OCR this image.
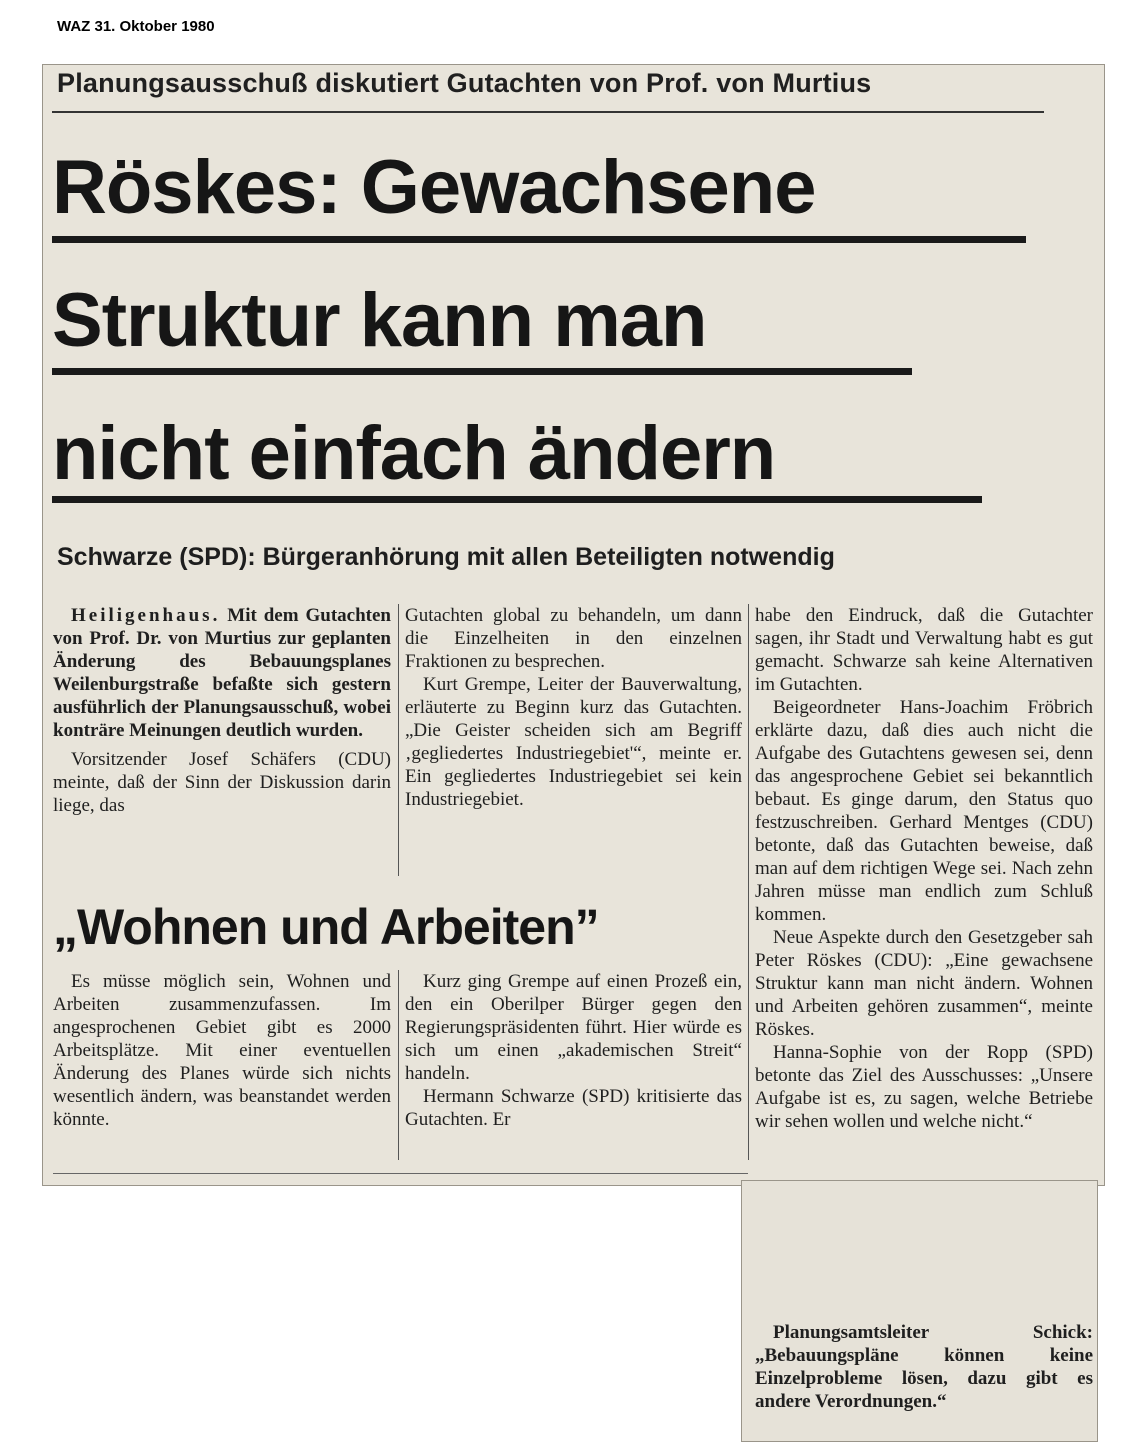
WAZ 31. Oktober 1980
Planungsausschuß diskutiert Gutachten von Prof. von Murtius
Röskes: Gewachsene
Struktur kann man
nicht einfach ändern
Schwarze (SPD): Bürgeranhörung mit allen Beteiligten notwendig

Heiligenhaus. Mit dem Gutachten von Prof. Dr. von Murtius zur geplanten Änderung des Bebauungsplanes Weilenburgstraße befaßte sich gestern ausführlich der Planungsausschuß, wobei konträre Meinungen deutlich wurden.

Vorsitzender Josef Schäfers (CDU) meinte, daß der Sinn der Diskussion darin liege, das

Gutachten global zu behandeln, um dann die Einzelheiten in den einzelnen Fraktionen zu besprechen.

Kurt Grempe, Leiter der Bauverwaltung, erläuterte zu Beginn kurz das Gutachten. „Die Geister scheiden sich am Begriff ‚gegliedertes Industriegebiet'“, meinte er. Ein gegliedertes Industriegebiet sei kein Industriegebiet.

„Wohnen und Arbeiten”

Es müsse möglich sein, Wohnen und Arbeiten zusammenzufassen. Im angesprochenen Gebiet gibt es 2000 Arbeitsplätze. Mit einer eventuellen Änderung des Planes würde sich nichts wesentlich ändern, was beanstandet werden könnte.

Kurz ging Grempe auf einen Prozeß ein, den ein Oberilper Bürger gegen den Regierungspräsidenten führt. Hier würde es sich um einen „akademischen Streit“ handeln.

Hermann Schwarze (SPD) kritisierte das Gutachten. Er

habe den Eindruck, daß die Gutachter sagen, ihr Stadt und Verwaltung habt es gut gemacht. Schwarze sah keine Alternativen im Gutachten.

Beigeordneter Hans-Joachim Fröbrich erklärte dazu, daß dies auch nicht die Aufgabe des Gutachtens gewesen sei, denn das angesprochene Gebiet sei bekanntlich bebaut. Es ginge darum, den Status quo festzuschreiben. Gerhard Mentges (CDU) betonte, daß das Gutachten beweise, daß man auf dem richtigen Wege sei. Nach zehn Jahren müsse man endlich zum Schluß kommen.

Neue Aspekte durch den Gesetzgeber sah Peter Röskes (CDU): „Eine gewachsene Struktur kann man nicht ändern. Wohnen und Arbeiten gehören zusammen“, meinte Röskes.

Hanna-Sophie von der Ropp (SPD) betonte das Ziel des Ausschusses: „Unsere Aufgabe ist es, zu sagen, welche Betriebe wir sehen wollen und welche nicht.“

Planungsamtsleiter Schick: „Bebauungspläne können keine Einzelprobleme lösen, dazu gibt es andere Verordnungen.“
